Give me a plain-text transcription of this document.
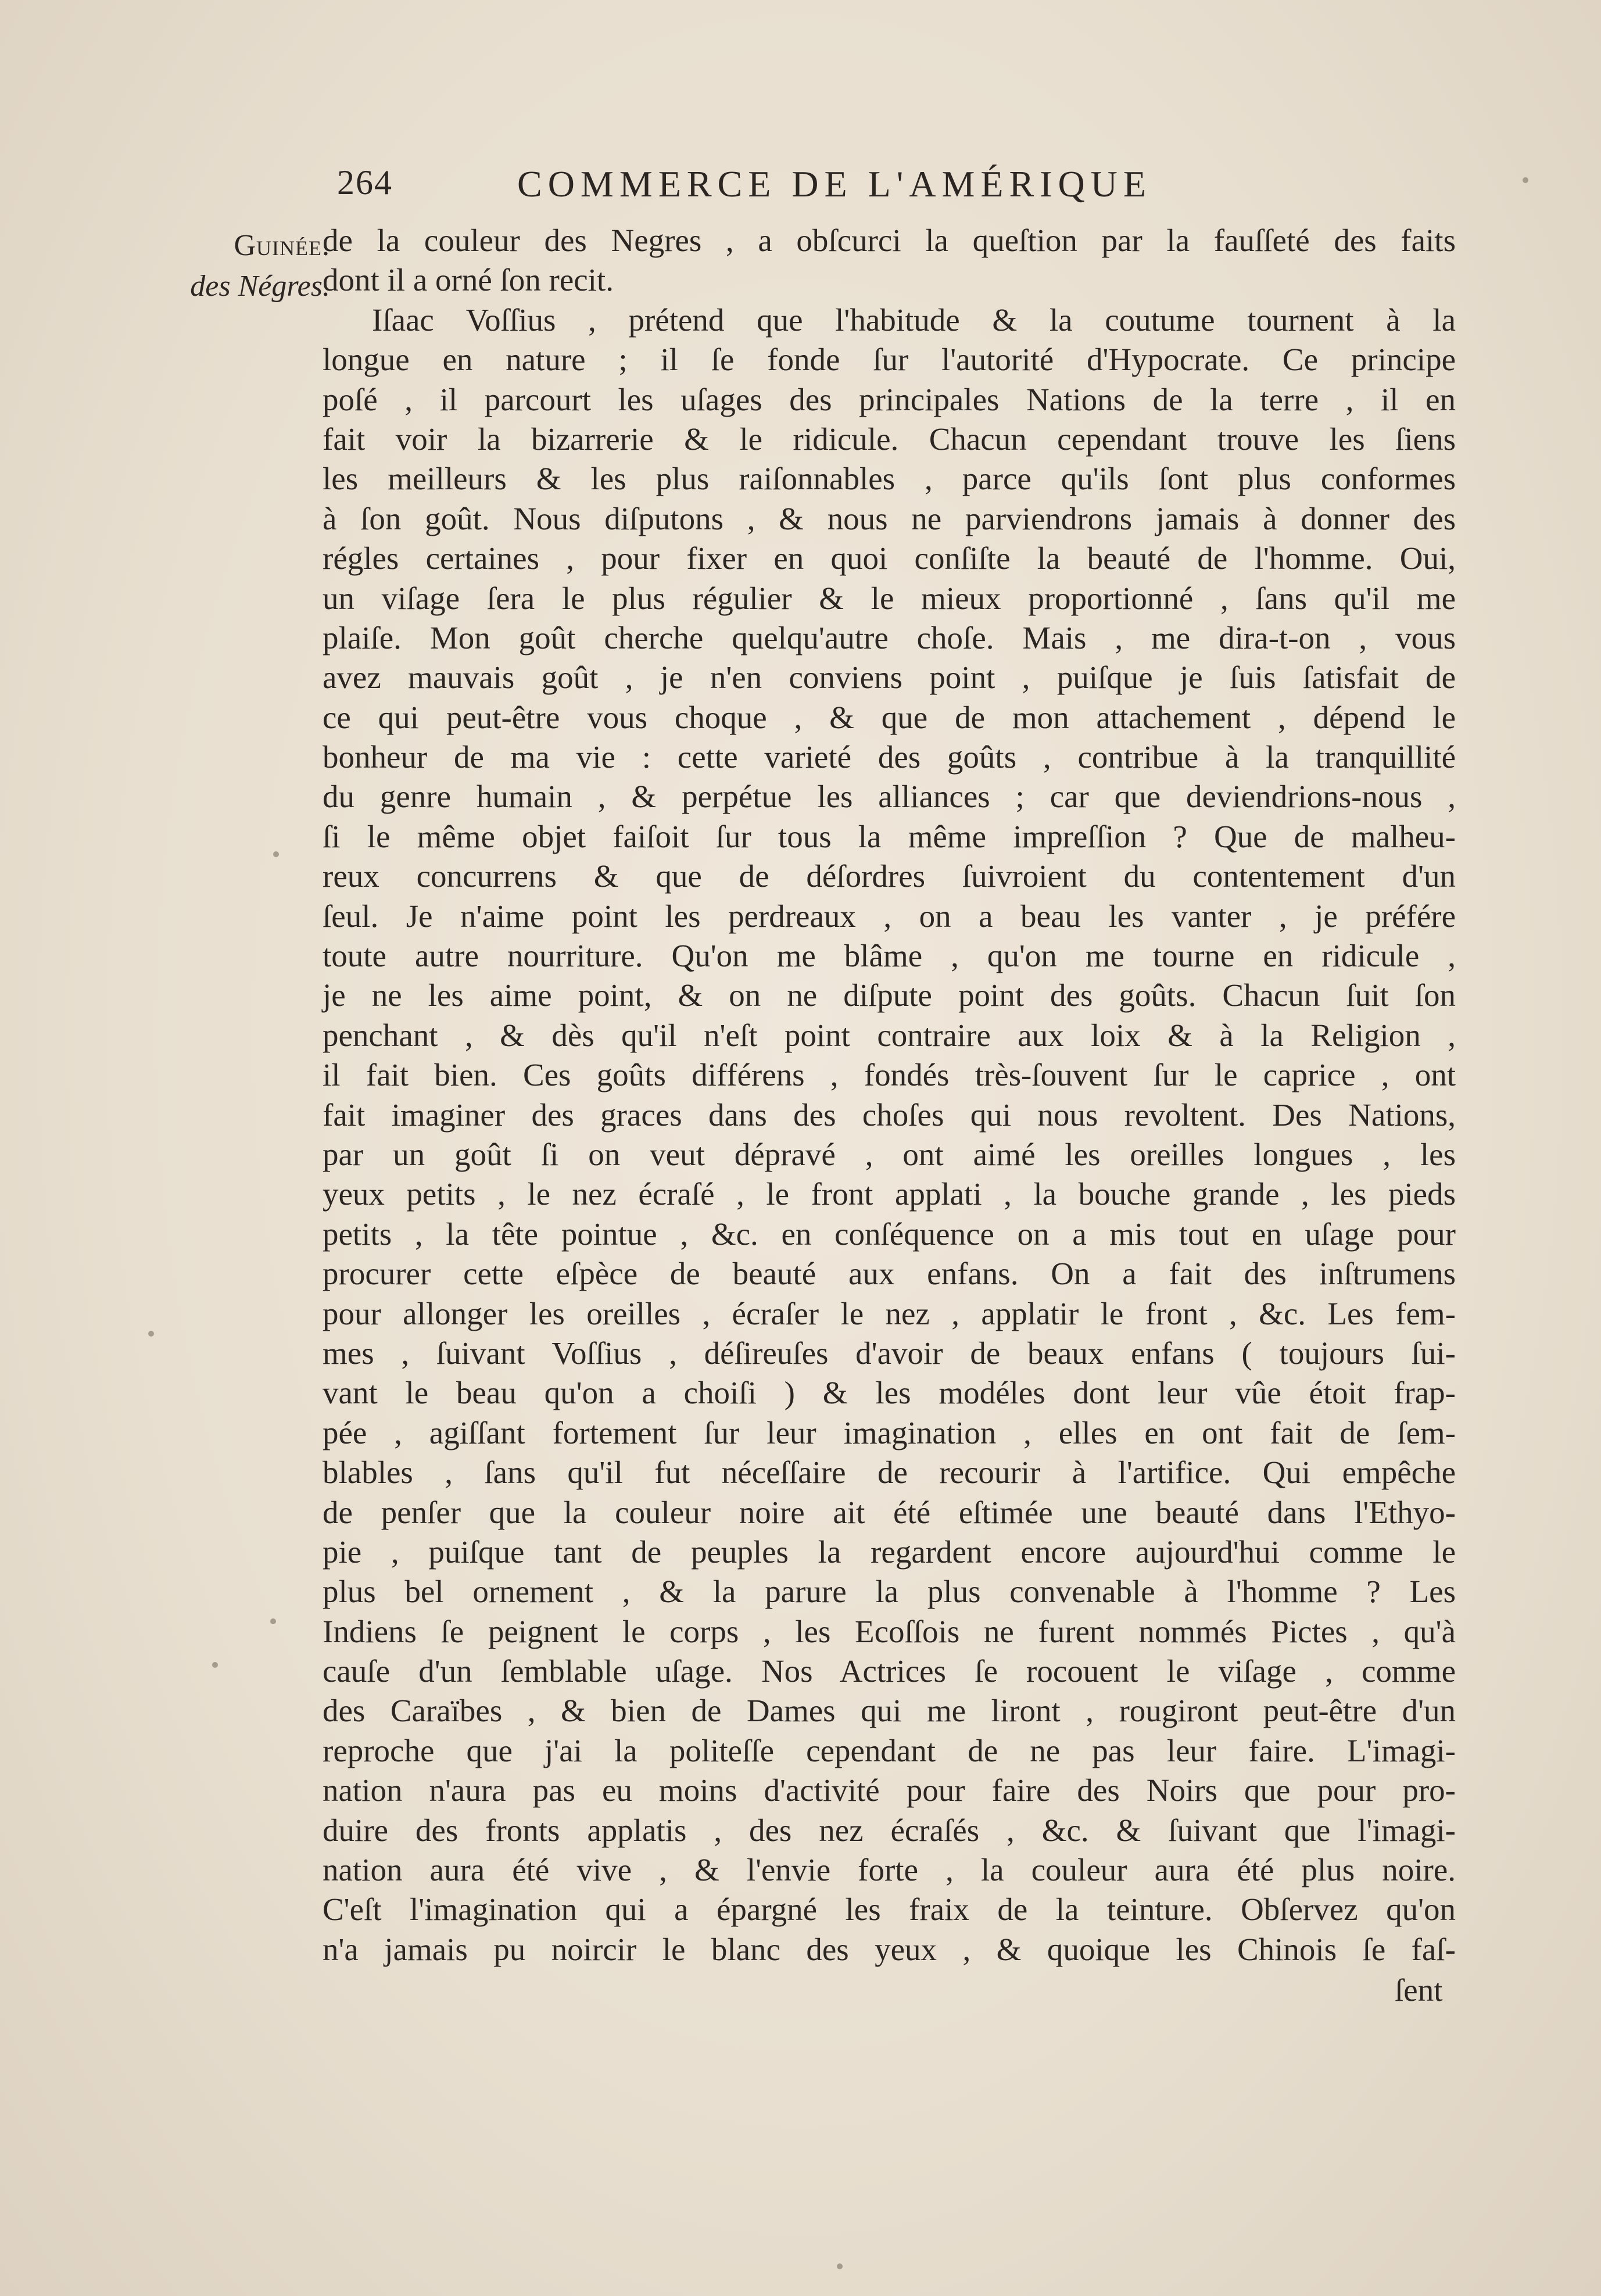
264	COMMERCE DE L'AMÉRIQUE
Guinée.
des Négres.
de la couleur des Negres , a obſcurci la queſtion par la fauſſeté des faits
dont il a orné ſon recit.
Iſaac Voſſius , prétend que l'habitude & la coutume tournent à la
longue en nature ; il ſe fonde ſur l'autorité d'Hypocrate. Ce principe
poſé , il parcourt les uſages des principales Nations de la terre , il en
fait voir la bizarrerie & le ridicule. Chacun cependant trouve les ſiens
les meilleurs & les plus raiſonnables , parce qu'ils ſont plus conformes
à ſon goût. Nous diſputons , & nous ne parviendrons jamais à donner des
régles certaines , pour fixer en quoi conſiſte la beauté de l'homme. Oui,
un viſage ſera le plus régulier & le mieux proportionné , ſans qu'il me
plaiſe. Mon goût cherche quelqu'autre choſe. Mais , me dira-t-on , vous
avez mauvais goût , je n'en conviens point , puiſque je ſuis ſatisfait de
ce qui peut-être vous choque , & que de mon attachement , dépend le
bonheur de ma vie : cette varieté des goûts , contribue à la tranquillité
du genre humain , & perpétue les alliances ; car que deviendrions-nous ,
ſi le même objet faiſoit ſur tous la même impreſſion ? Que de malheu-
reux concurrens & que de déſordres ſuivroient du contentement d'un
ſeul. Je n'aime point les perdreaux , on a beau les vanter , je préfére
toute autre nourriture. Qu'on me blâme , qu'on me tourne en ridicule ,
je ne les aime point, & on ne diſpute point des goûts. Chacun ſuit ſon
penchant , & dès qu'il n'eſt point contraire aux loix & à la Religion ,
il fait bien. Ces goûts différens , fondés très-ſouvent ſur le caprice , ont
fait imaginer des graces dans des choſes qui nous revoltent. Des Nations,
par un goût ſi on veut dépravé , ont aimé les oreilles longues , les
yeux petits , le nez écraſé , le front applati , la bouche grande , les pieds
petits , la tête pointue , &c. en conſéquence on a mis tout en uſage pour
procurer cette eſpèce de beauté aux enfans. On a fait des inſtrumens
pour allonger les oreilles , écraſer le nez , applatir le front , &c. Les fem-
mes , ſuivant Voſſius , déſireuſes d'avoir de beaux enfans ( toujours ſui-
vant le beau qu'on a choiſi ) & les modéles dont leur vûe étoit frap-
pée , agiſſant fortement ſur leur imagination , elles en ont fait de ſem-
blables , ſans qu'il fut néceſſaire de recourir à l'artifice. Qui empêche
de penſer que la couleur noire ait été eſtimée une beauté dans l'Ethyo-
pie , puiſque tant de peuples la regardent encore aujourd'hui comme le
plus bel ornement , & la parure la plus convenable à l'homme ? Les
Indiens ſe peignent le corps , les Ecoſſois ne furent nommés Pictes , qu'à
cauſe d'un ſemblable uſage. Nos Actrices ſe rocouent le viſage , comme
des Caraïbes , & bien de Dames qui me liront , rougiront peut-être d'un
reproche que j'ai la politeſſe cependant de ne pas leur faire. L'imagi-
nation n'aura pas eu moins d'activité pour faire des Noirs que pour pro-
duire des fronts applatis , des nez écraſés , &c. & ſuivant que l'imagi-
nation aura été vive , & l'envie forte , la couleur aura été plus noire.
C'eſt l'imagination qui a épargné les fraix de la teinture. Obſervez qu'on
n'a jamais pu noircir le blanc des yeux , & quoique les Chinois ſe faſ-
ſent
